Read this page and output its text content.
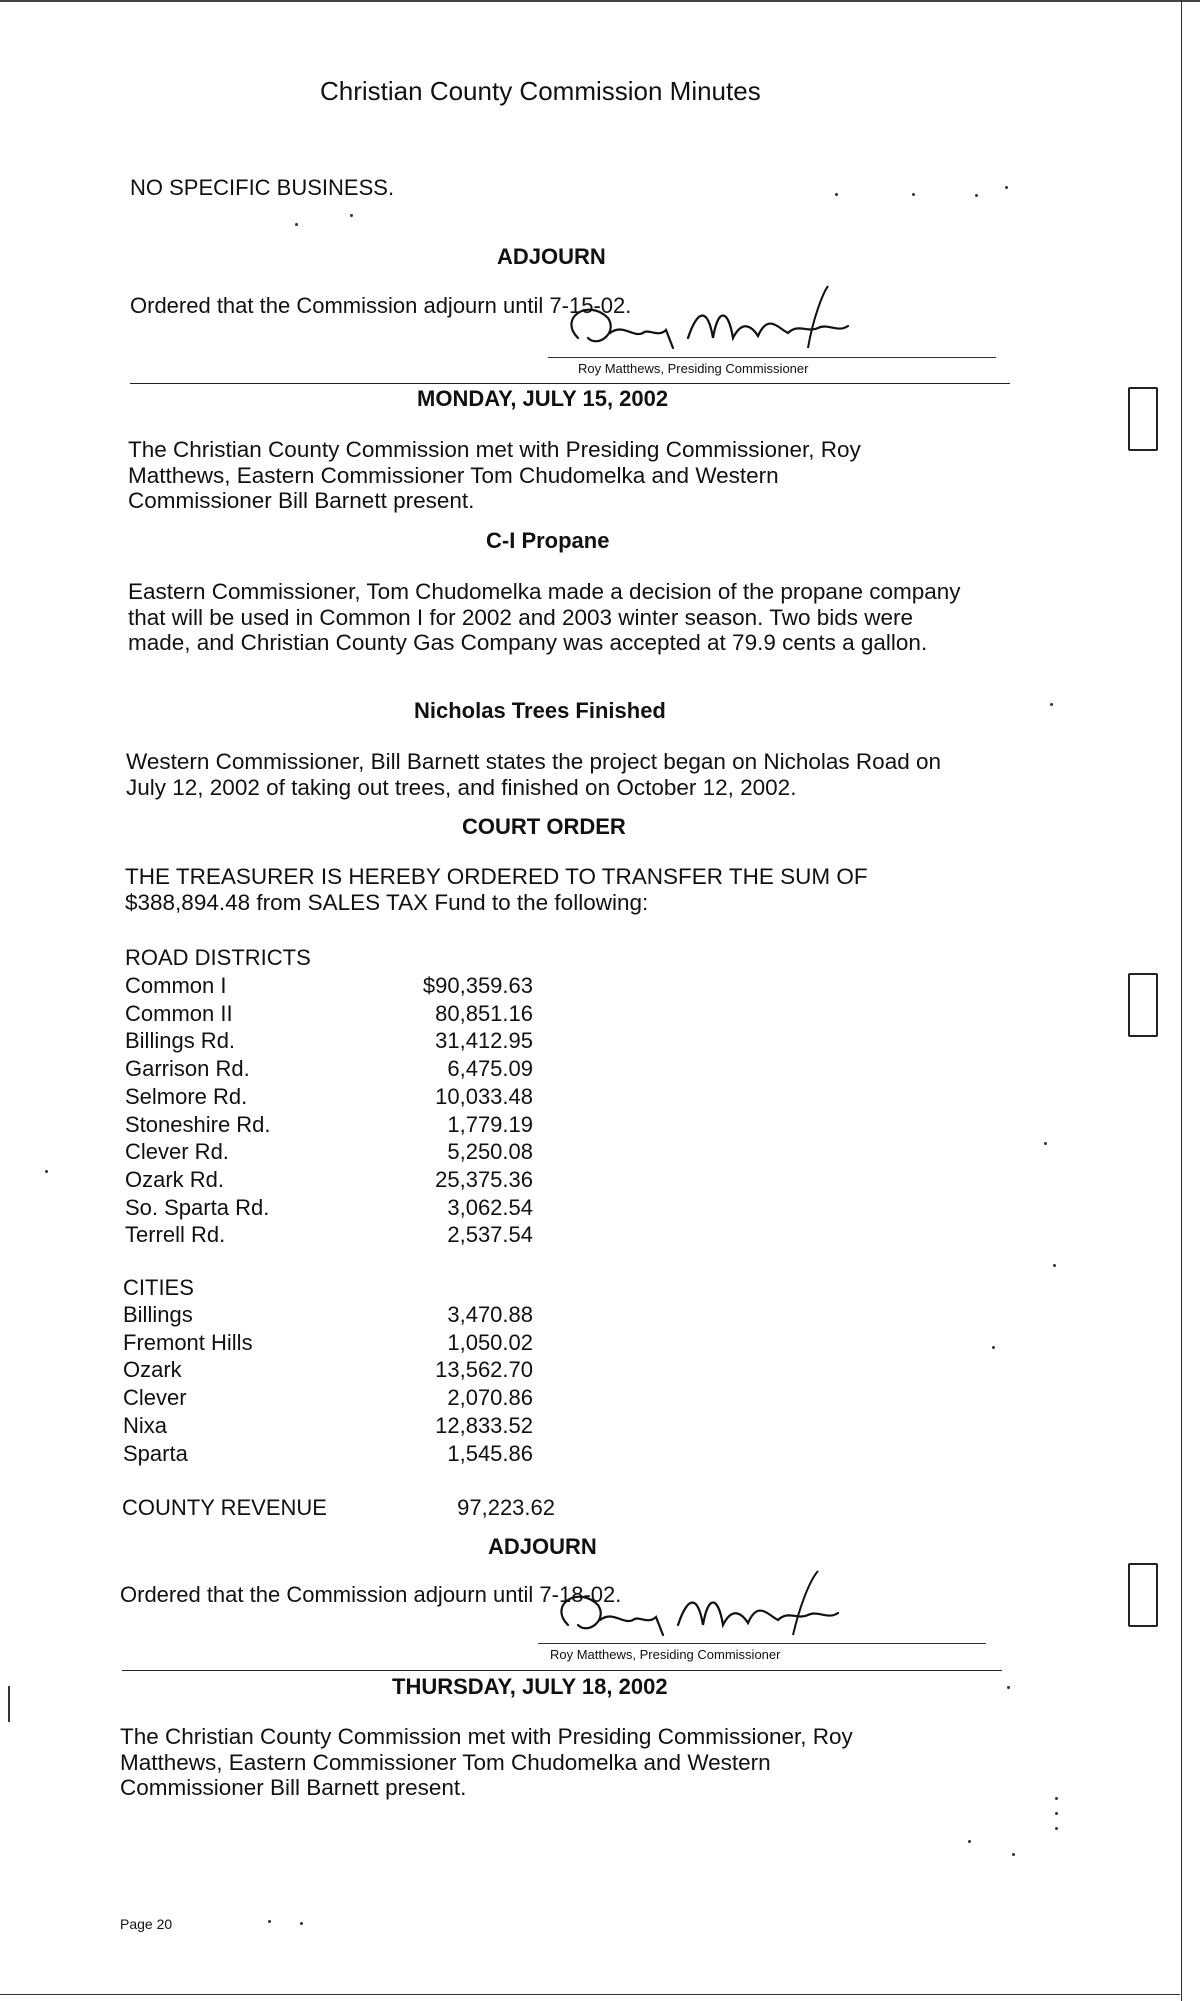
Christian County Commission Minutes
NO SPECIFIC BUSINESS.
ADJOURN
Ordered that the Commission adjourn until 7-15-02.
Roy Matthews, Presiding Commissioner
MONDAY, JULY 15, 2002
The Christian County Commission met with Presiding Commissioner, Roy Matthews, Eastern Commissioner Tom Chudomelka and Western Commissioner Bill Barnett present.
C-I Propane
Eastern Commissioner, Tom Chudomelka made a decision of the propane company that will be used in Common I for 2002 and 2003 winter season. Two bids were made, and Christian County Gas Company was accepted at 79.9 cents a gallon.
Nicholas Trees Finished
Western Commissioner, Bill Barnett states the project began on Nicholas Road on July 12, 2002 of taking out trees, and finished on October 12, 2002.
COURT ORDER
THE TREASURER IS HEREBY ORDERED TO TRANSFER THE SUM OF $388,894.48 from SALES TAX Fund to the following:
ROAD DISTRICTS
Common I	$90,359.63
Common II	80,851.16
Billings Rd.	31,412.95
Garrison Rd.	6,475.09
Selmore Rd.	10,033.48
Stoneshire Rd.	1,779.19
Clever Rd.	5,250.08
Ozark Rd.	25,375.36
So. Sparta Rd.	3,062.54
Terrell Rd.	2,537.54
CITIES
Billings	3,470.88
Fremont Hills	1,050.02
Ozark	13,562.70
Clever	2,070.86
Nixa	12,833.52
Sparta	1,545.86
COUNTY REVENUE	97,223.62
ADJOURN
Ordered that the Commission adjourn until 7-18-02.
Roy Matthews, Presiding Commissioner
THURSDAY, JULY 18, 2002
The Christian County Commission met with Presiding Commissioner, Roy Matthews, Eastern Commissioner Tom Chudomelka and Western Commissioner Bill Barnett present.
Page 20
